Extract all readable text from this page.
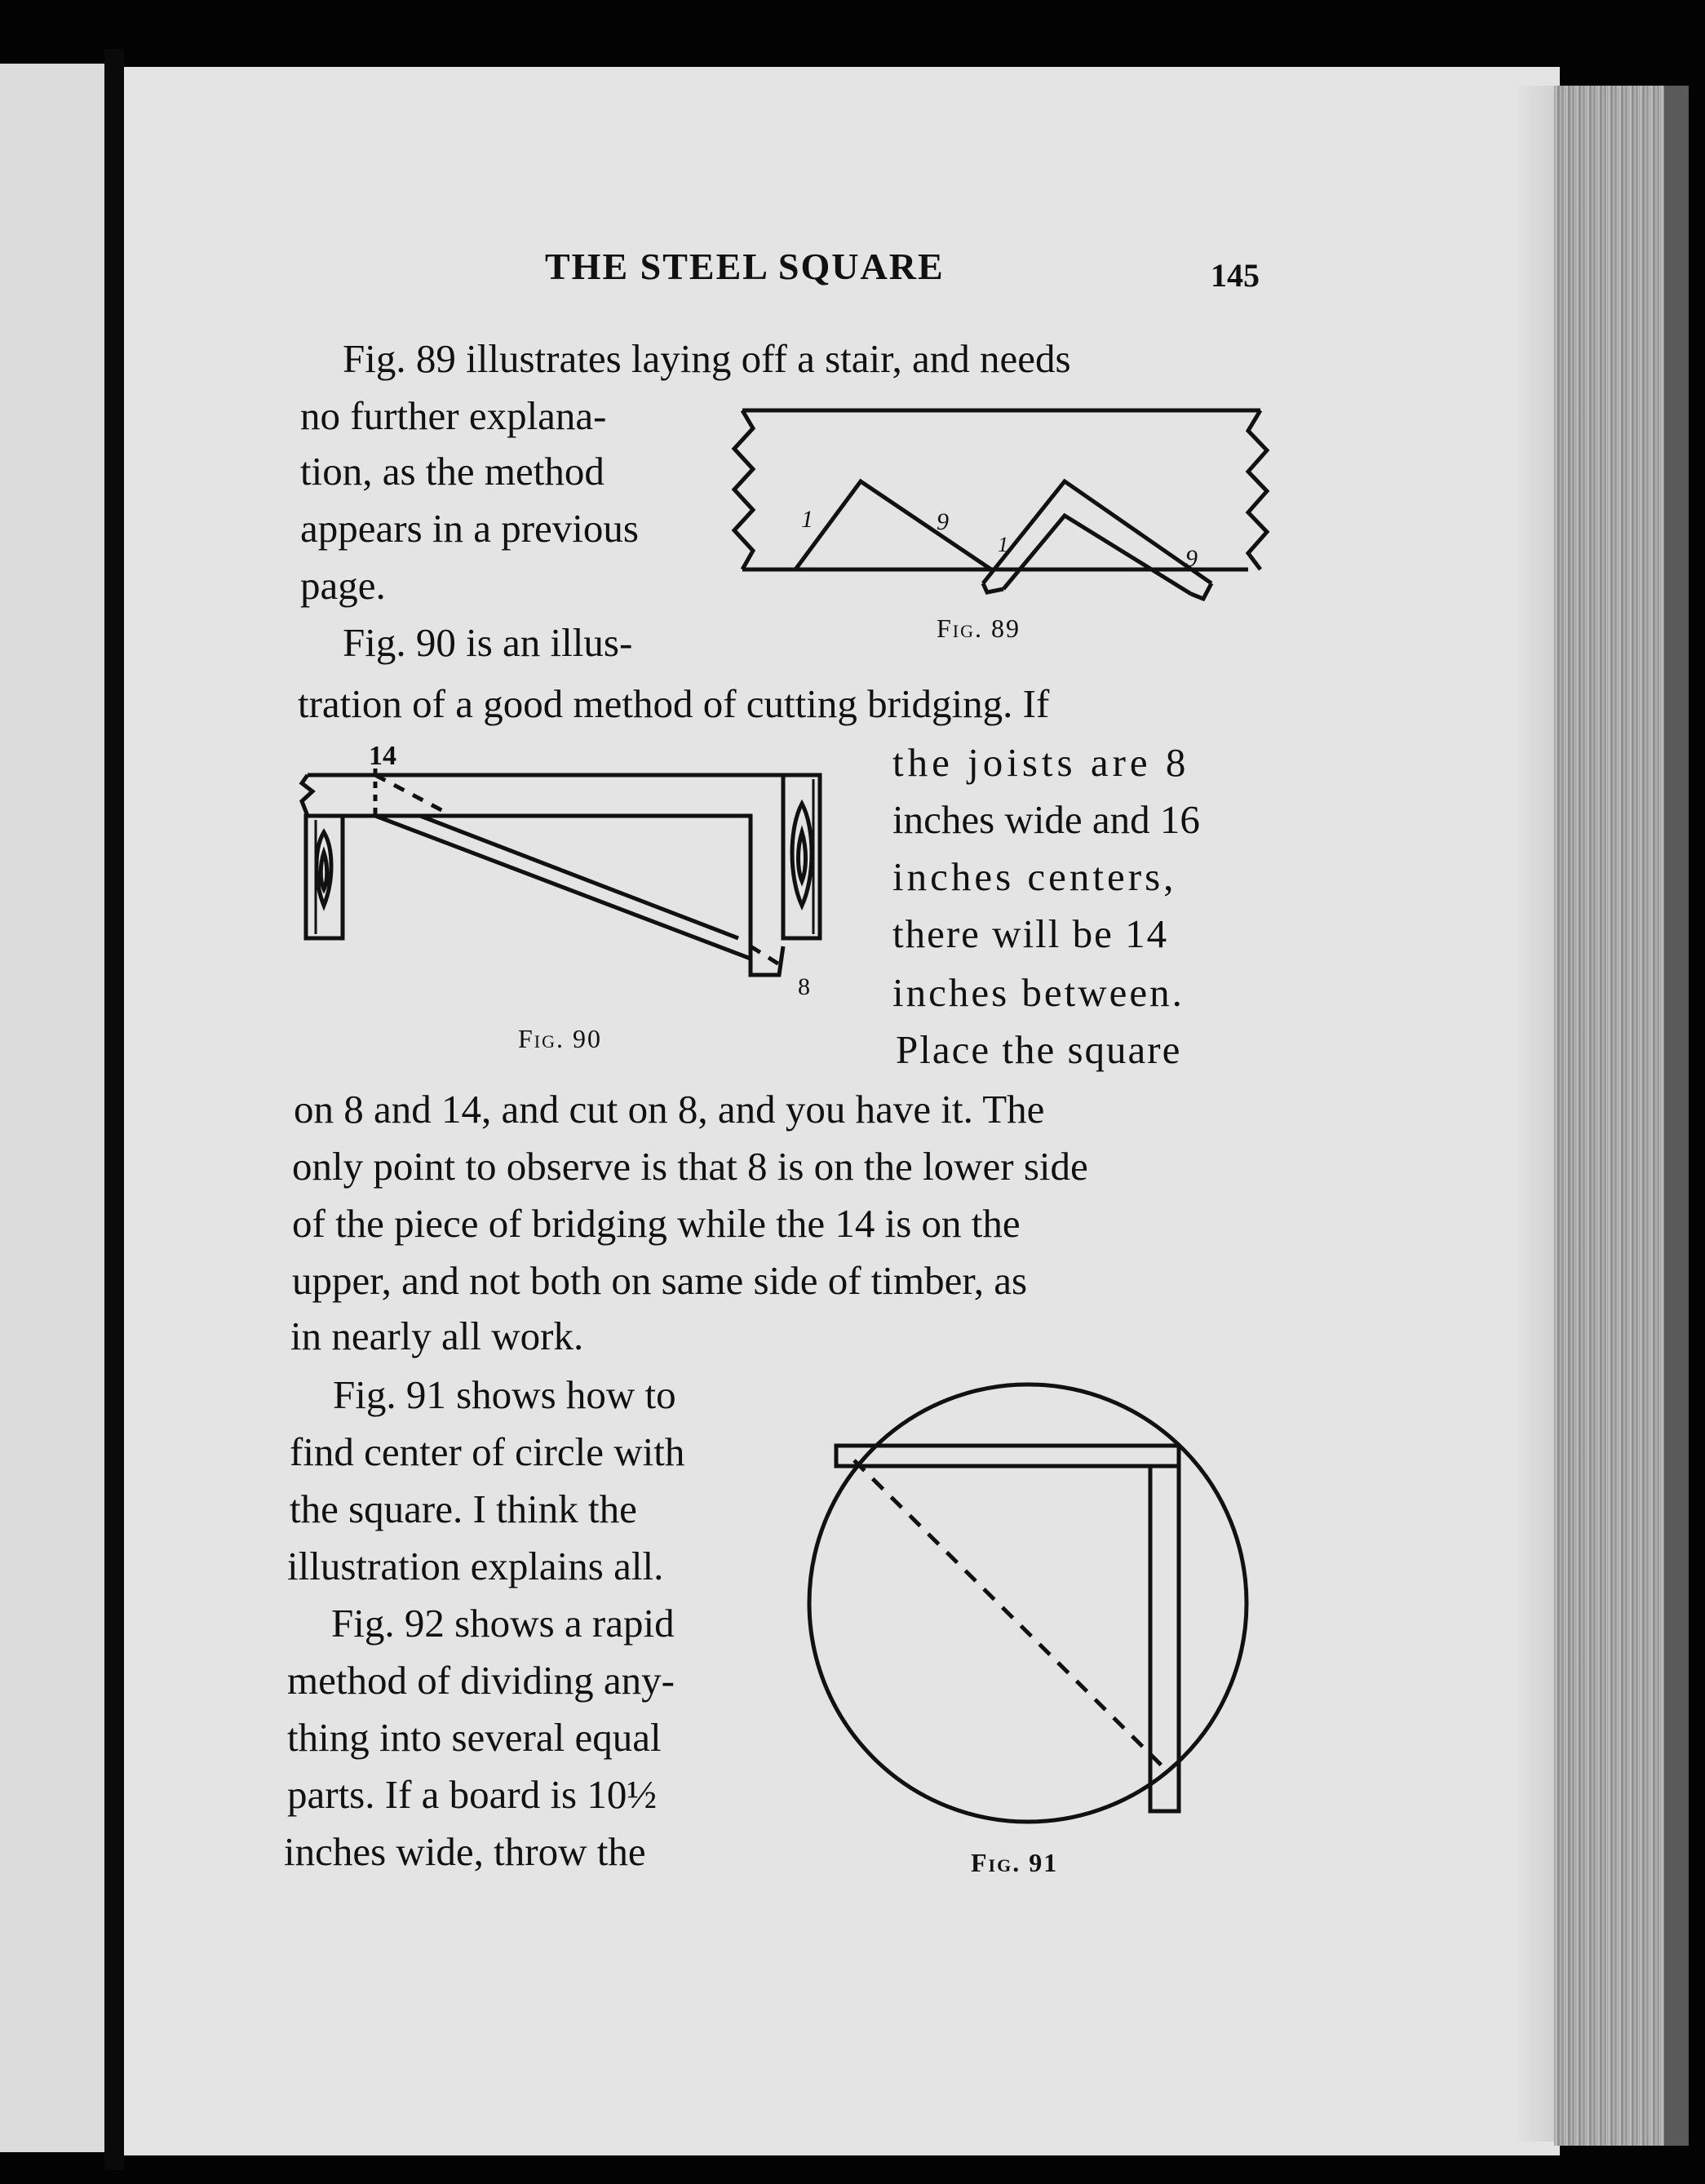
THE STEEL SQUARE	145
Fig. 89 illustrates laying off a stair, and needs
no further explana-
tion, as the method
appears in a previous
page.
Fig. 90 is an illus-
tration of a good method of cutting bridging. If
the joists are 8
inches wide and 16
inches centers,
there will be 14
inches between.
Place the square
on 8 and 14, and cut on 8, and you have it. The
only point to observe is that 8 is on the lower side
of the piece of bridging while the 14 is on the
upper, and not both on same side of timber, as
in nearly all work.
Fig. 91 shows how to
find center of circle with
the square. I think the
illustration explains all.
Fig. 92 shows a rapid
method of dividing any-
thing into several equal
parts. If a board is 10½
inches wide, throw the
1	9
1
9
Fig. 89
14
8
Fig. 90
Fig. 91
